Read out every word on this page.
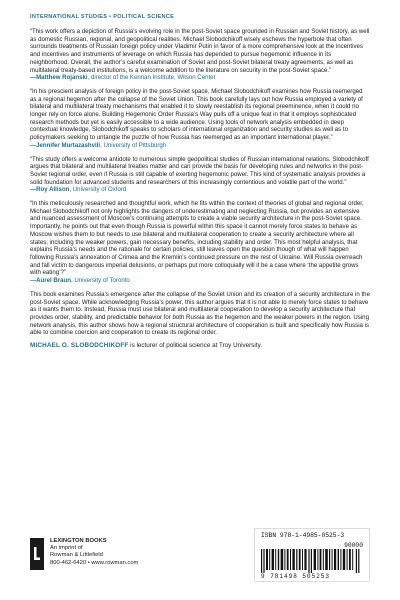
INTERNATIONAL STUDIES • POLITICAL SCIENCE

“This work offers a depiction of Russia’s evolving role in the post-Soviet space grounded in Russian and Soviet history, as well as domestic Russian, regional, and geopolitical realities. Michael Slobodchikoff wisely eschews the hyperbole that often surrounds treatments of Russian foreign policy under Vladimir Putin in favor of a more comprehensive look at the incentives and incentives and instruments of leverage on which Russia has depended to pursue hegemonic influence in its neighborhood. Overall, the author’s careful examination of Soviet and post-Soviet bilateral treaty agreements, as well as multilateral treaty-based institutions, is a welcome addition to the literature on security in the post-Soviet space.”

—Matthew Rojanski, director of the Kennan Institute, Wilson Center

“In his prescient analysis of foreign policy in the post-Soviet space, Michael Slobodchikoff examines how Russia reemerged as a regional hegemon after the collapse of the Soviet Union. This book carefully lays out how Russia employed a variety of bilateral and multilateral treaty mechanisms that enabled it to slowly reestablish its regional preeminence, when it could no longer rely on force alone. Building Hegemonic Order Russia’s Way pulls off a unique feat in that it employs sophisticated research methods but yet is easily accessible to a wide audience. Using tools of network analysis embedded in deep contextual knowledge, Slobodchikoff speaks to scholars of international organization and security studies as well as to policymakers seeking to untangle the puzzle of how Russia has reemerged as an important international player.”

—Jennifer Murtazashvili, University of Pittsburgh

“This study offers a welcome antidote to numerous simple geopolitical studies of Russian international relations. Slobodchikoff argues that bilateral and multilateral treaties matter and can provide the basis for developing rules and networks in the post-Soviet regional order, even if Russia is still capable of exerting hegemonic power. This kind of systematic analysis provides a solid foundation for advanced students and researchers of this increasingly contentious and volatile part of the world.”

—Roy Allison, University of Oxford

“In this meticulously researched and thoughtful work, which he fits within the context of theories of global and regional order, Michael Slobodchikoff not only highlights the dangers of underestimating and neglecting Russia, but provides an extensive and nuanced assessment of Moscow’s continuing attempts to create a viable security architecture in the post-Soviet space. Importantly, he points out that even though Russia is powerful within this space it cannot merely force states to behave as Moscow wishes them to but needs to use bilateral and multilateral cooperation to create a security architecture where all states, including the weaker powers, gain necessary benefits, including stability and order. This most helpful analysis, that explains Russia’s needs and the rationale for certain policies, still leaves open the question though of what will happen following Russia’s annexation of Crimea and the Kremlin’s continued pressure on the rest of Ukraine. Will Russia overreach and fall victim to dangerous imperial delusions, or perhaps put more colloquially will it be a case where ‘the appetite grows with eating’?”

—Aurel Braun, University of Toronto

This book examines Russia’s emergence after the collapse of the Soviet Union and its creation of a security architecture in the post-Soviet space. While acknowledging Russia’s power, this author argues that it is not able to merely force states to behave as it wants them to. Instead, Russia must use bilateral and multilateral cooperation to develop a security architecture that provides order, stability, and predictable behavior for both Russia as the hegemon and the weaker powers in the region. Using network analysis, this author shows how a regional structural architecture of cooperation is built and specifically how Russia is able to combine coercion and cooperation to create its regional order.

MICHAEL O. SLOBODCHIKOFF is lecturer of political science at Troy University.

LEXINGTON BOOKS
An imprint of
Rowman & Littlefield
800-462-6420 • www.rowman.com
ISBN 978-1-4985-0525-3
90000
9 781498 505253
